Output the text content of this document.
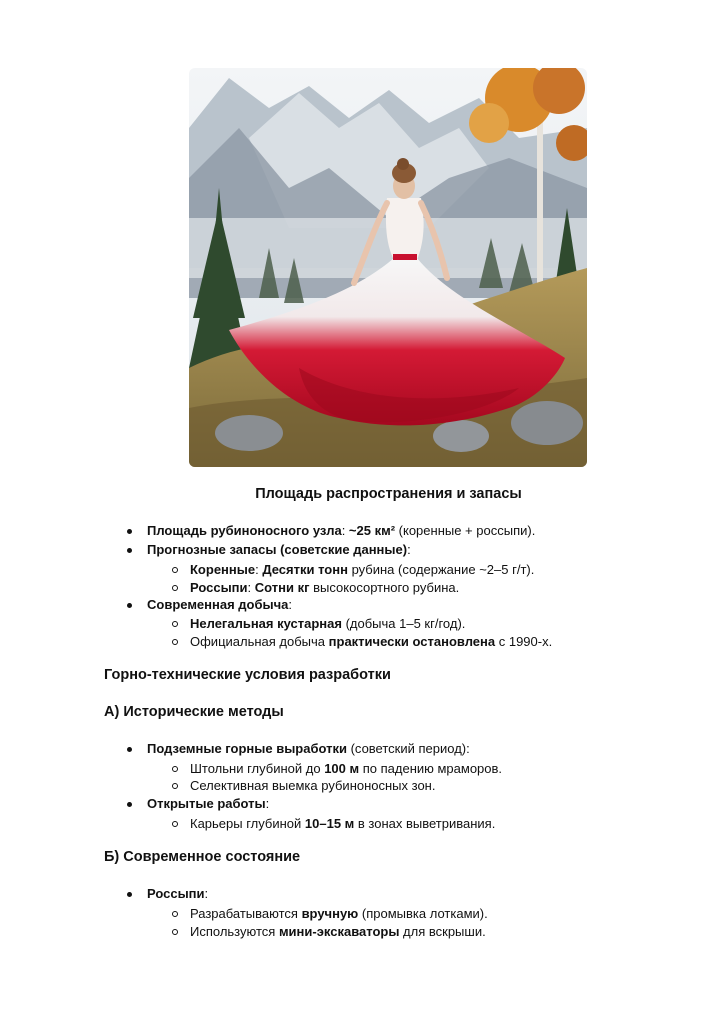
Площадь распространения и запасы
Площадь рубиноносного узла: ~25 км² (коренные + россыпи).
Прогнозные запасы (советские данные):
Коренные: Десятки тонн рубина (содержание ~2–5 г/т).
Россыпи: Сотни кг высокосортного рубина.
Современная добыча:
Нелегальная кустарная (добыча 1–5 кг/год).
Официальная добыча практически остановлена с 1990-х.
Горно-технические условия разработки
А) Исторические методы
Подземные горные выработки (советский период):
Штольни глубиной до 100 м по падению мраморов.
Селективная выемка рубиноносных зон.
Открытые работы:
Карьеры глубиной 10–15 м в зонах выветривания.
Б) Современное состояние
Россыпи:
Разрабатываются вручную (промывка лотками).
Используются мини-экскаваторы для вскрыши.
